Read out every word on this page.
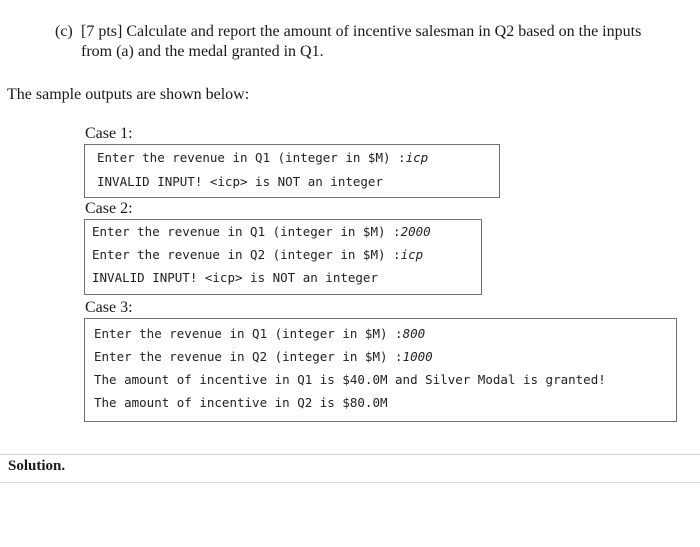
(c) [7 pts] Calculate and report the amount of incentive salesman in Q2 based on the inputs
from (a) and the medal granted in Q1.
The sample outputs are shown below:
Case 1:
Enter the revenue in Q1 (integer in $M) :icp
INVALID INPUT! <icp> is NOT an integer
Case 2:
Enter the revenue in Q1 (integer in $M) :2000
Enter the revenue in Q2 (integer in $M) :icp
INVALID INPUT! <icp> is NOT an integer
Case 3:
Enter the revenue in Q1 (integer in $M) :800
Enter the revenue in Q2 (integer in $M) :1000
The amount of incentive in Q1 is $40.0M and Silver Modal is granted!
The amount of incentive in Q2 is $80.0M
Solution.
